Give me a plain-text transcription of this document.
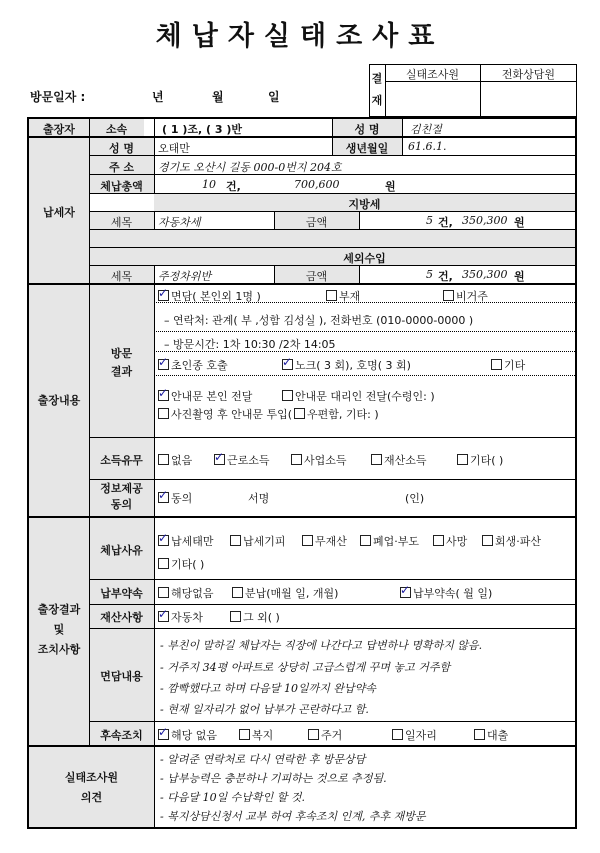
체납자실태조사표
방문일자 :	년	월	일
결
재
실태조사원	전화상담원
출장자	소속	( 1 )조, ( 3 )반	성 명	김친절
납세자
성 명	오태만	생년월일	61.6.1.
주 소	경기도 오산시 길동 000-0번지 204호
체납총액	10 건,	700,600	원
지방세
세목	자동차세	금액	5 건, 350,300 원
세외수입
세목	주정차위반	금액	5 건, 350,300 원
출장내용
방문
결과
✓면담( 본인외 1명 )	부재	비거주
– 연락처: 관계( 부 ,성함 김성실 ), 전화번호 (010-0000-0000 )
– 방문시간: 1차 10:30 /2차 14:05
✓초인종 호출 ✓	노크( 3 회), 호명( 3 회)	기타
✓안내문 본인 전달	안내문 대리인 전달(수령인: )
사진촬영 후 안내문 투입( 우편함, 기타: )
소득유무	없음 ✓	근로소득	사업소득	재산소득	기타( )
정보제공
동의 ✓	동의	서명	(인)
출장결과
및
조치사항
체납사유
✓납세태만	납세기피	무재산	폐업·부도	사망	회생·파산
기타( )
납부약속	해당없음	분납(매월 일, 개월) ✓	납부약속( 월 일)
재산사항 ✓	자동차	그 외( )
면담내용
- 부친이 말하길 체납자는 직장에 나간다고 답변하나 명확하지 않음.
- 거주지 34평 아파트로 상당히 고급스럽게 꾸며 놓고 거주함
- 깜빡했다고 하며 다음달 10일까지 완납약속
- 현재 일자리가 없어 납부가 곤란하다고 함.
후속조치 ✓	해당 없음	복지	주거	일자리	대출
실태조사원
의견
- 알려준 연락처로 다시 연락한 후 방문상담
- 납부능력은 충분하나 기피하는 것으로 추정됨.
- 다음달 10일 수납확인 할 것.
- 복지상담신청서 교부 하여 후속조치 인계, 추후 재방문
